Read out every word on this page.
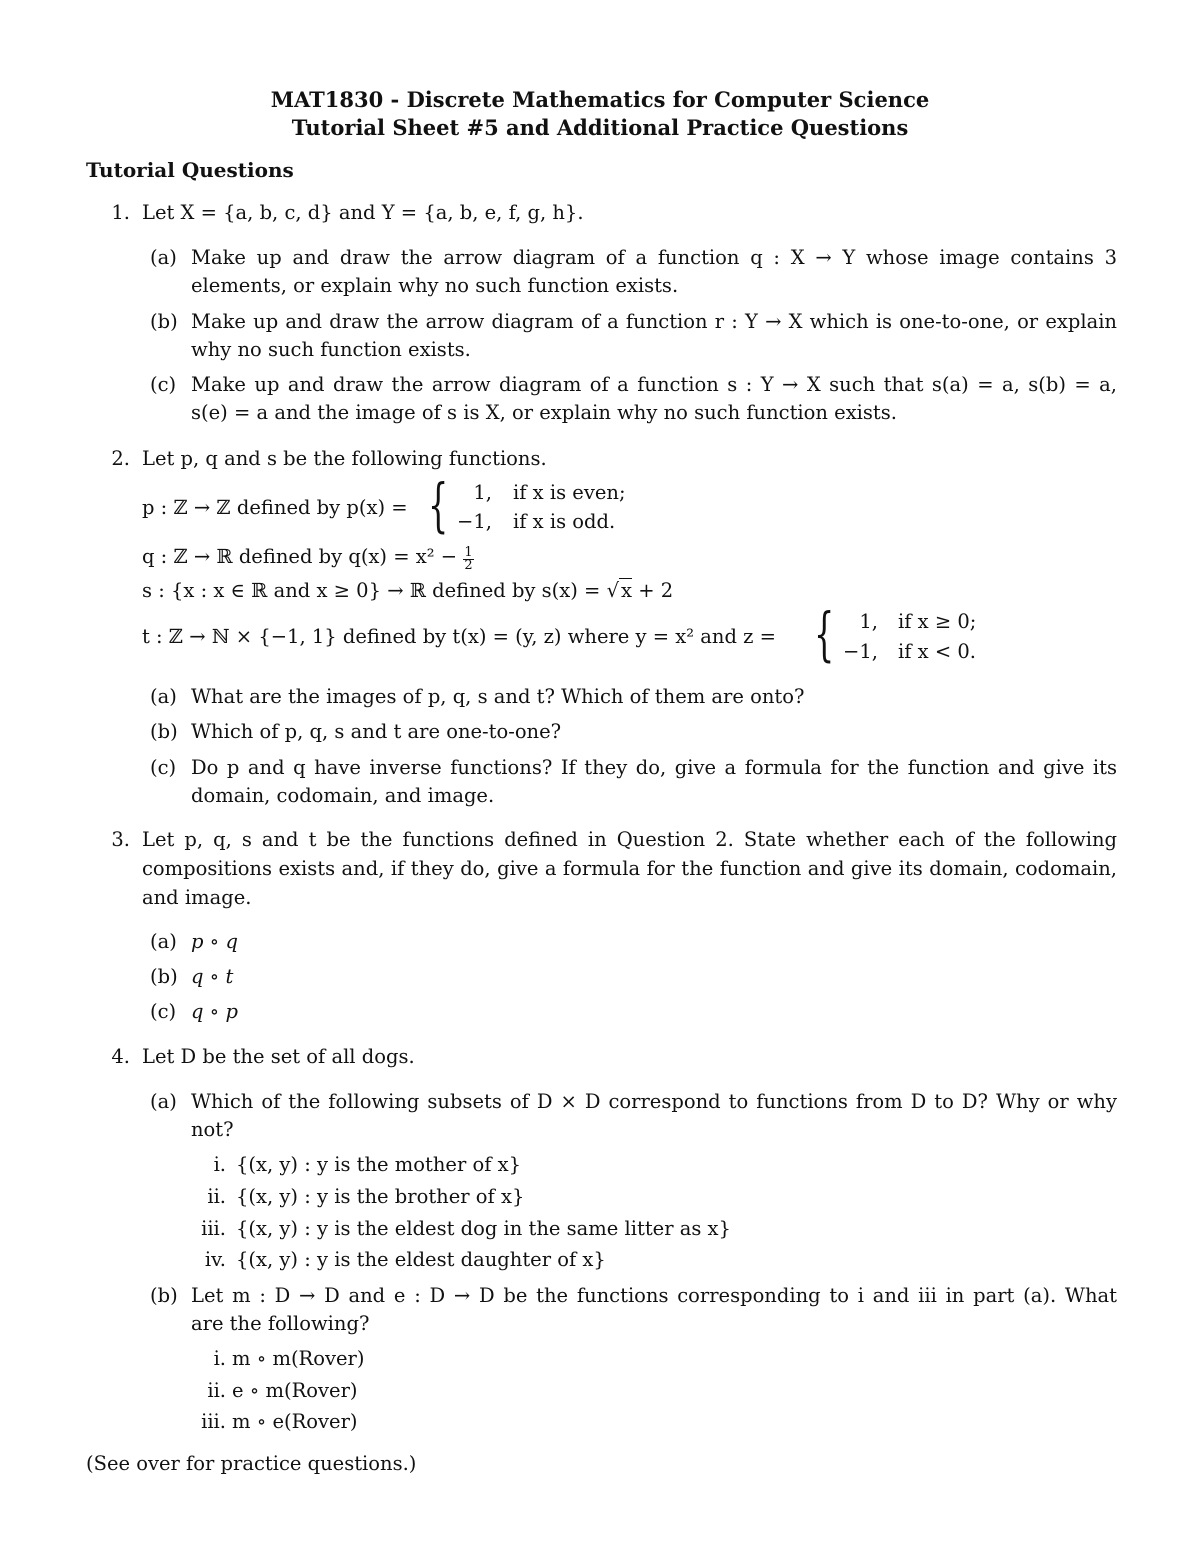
MAT1830 - Discrete Mathematics for Computer Science
Tutorial Sheet #5 and Additional Practice Questions
Tutorial Questions
1. Let X = {a, b, c, d} and Y = {a, b, e, f, g, h}.
(a) Make up and draw the arrow diagram of a function q : X → Y whose image contains 3
elements, or explain why no such function exists.
(b) Make up and draw the arrow diagram of a function r : Y → X which is one-to-one, or explain
why no such function exists.
(c) Make up and draw the arrow diagram of a function s : Y → X such that s(a) = a, s(b) = a,
s(e) = a and the image of s is X, or explain why no such function exists.
2. Let p, q and s be the following functions.
p : ℤ → ℤ defined by p(x) = {	1, if x is even;
−1, if x is odd.
q : ℤ → ℝ defined by $q(x) = x^2 - \frac{1}{2}$
s : {x : x ∈ ℝ and x ≥ 0} → ℝ defined by s(x) = √ x + 2
t : ℤ → ℕ × {−1, 1} defined by t(x) = (y, z) where y = x² and z = {	1, if x ≥ 0;
−1, if x < 0.
(a) What are the images of p, q, s and t? Which of them are onto?
(b) Which of p, q, s and t are one-to-one?
(c) Do p and q have inverse functions? If they do, give a formula for the function and give its
domain, codomain, and image.
3. Let p, q, s and t be the functions defined in Question 2. State whether each of the following
compositions exists and, if they do, give a formula for the function and give its domain, codomain,
and image.
(a) p ∘ q
(b) q ∘ t
(c) q ∘ p
4. Let D be the set of all dogs.
(a) Which of the following subsets of D × D correspond to functions from D to D? Why or why
not?
i. {(x, y) : y is the mother of x}
ii. {(x, y) : y is the brother of x}
iii. {(x, y) : y is the eldest dog in the same litter as x}
iv. {(x, y) : y is the eldest daughter of x}
(b) Let m : D → D and e : D → D be the functions corresponding to i and iii in part (a). What
are the following?
i. m ∘ m(Rover)
ii. e ∘ m(Rover)
iii. m ∘ e(Rover)
(See over for practice questions.)
